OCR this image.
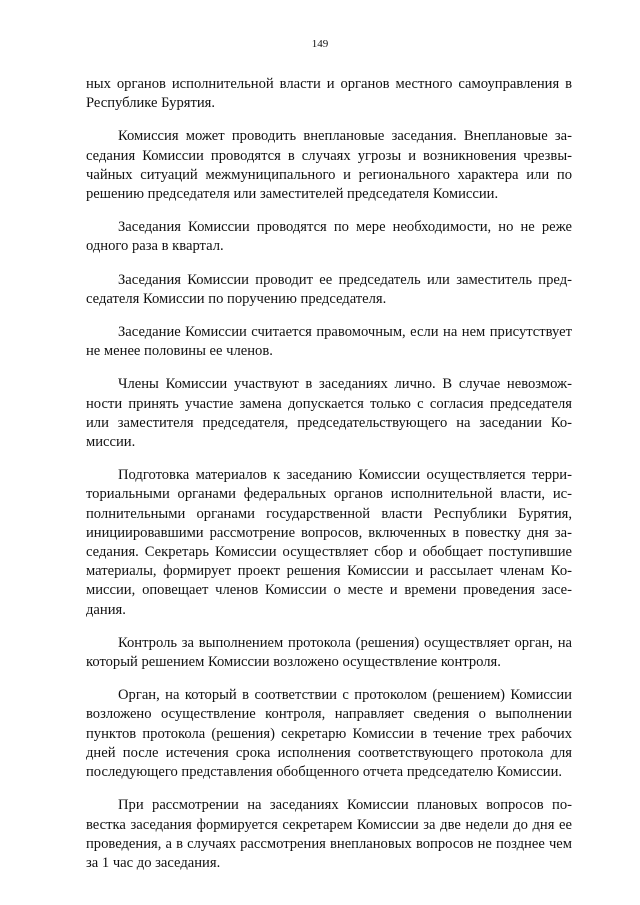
149

ных органов исполнительной власти и органов местного самоуправления в Республике Бурятия.

Комиссия может проводить внеплановые заседания. Внеплановые заседания Комиссии проводятся в случаях угрозы и возникновения чрезвычайных ситуаций межмуниципального и регионального характера или по решению председателя или заместителей председателя Комиссии.

Заседания Комиссии проводятся по мере необходимости, но не реже одного раза в квартал.

Заседания Комиссии проводит ее председатель или заместитель председателя Комиссии по поручению председателя.

Заседание Комиссии считается правомочным, если на нем присутствует не менее половины ее членов.

Члены Комиссии участвуют в заседаниях лично. В случае невозможности принять участие замена допускается только с согласия председателя или заместителя председателя, председательствующего на заседании Комиссии.

Подготовка материалов к заседанию Комиссии осуществляется территориальными органами федеральных органов исполнительной власти, исполнительными органами государственной власти Республики Бурятия, инициировавшими рассмотрение вопросов, включенных в повестку дня заседания. Секретарь Комиссии осуществляет сбор и обобщает поступившие материалы, формирует проект решения Комиссии и рассылает членам Комиссии, оповещает членов Комиссии о месте и времени проведения заседания.

Контроль за выполнением протокола (решения) осуществляет орган, на который решением Комиссии возложено осуществление контроля.

Орган, на который в соответствии с протоколом (решением) Комиссии возложено осуществление контроля, направляет сведения о выполнении пунктов протокола (решения) секретарю Комиссии в течение трех рабочих дней после истечения срока исполнения соответствующего протокола для последующего представления обобщенного отчета председателю Комиссии.

При рассмотрении на заседаниях Комиссии плановых вопросов повестка заседания формируется секретарем Комиссии за две недели до дня ее проведения, а в случаях рассмотрения внеплановых вопросов не позднее чем за 1 час до заседания.
